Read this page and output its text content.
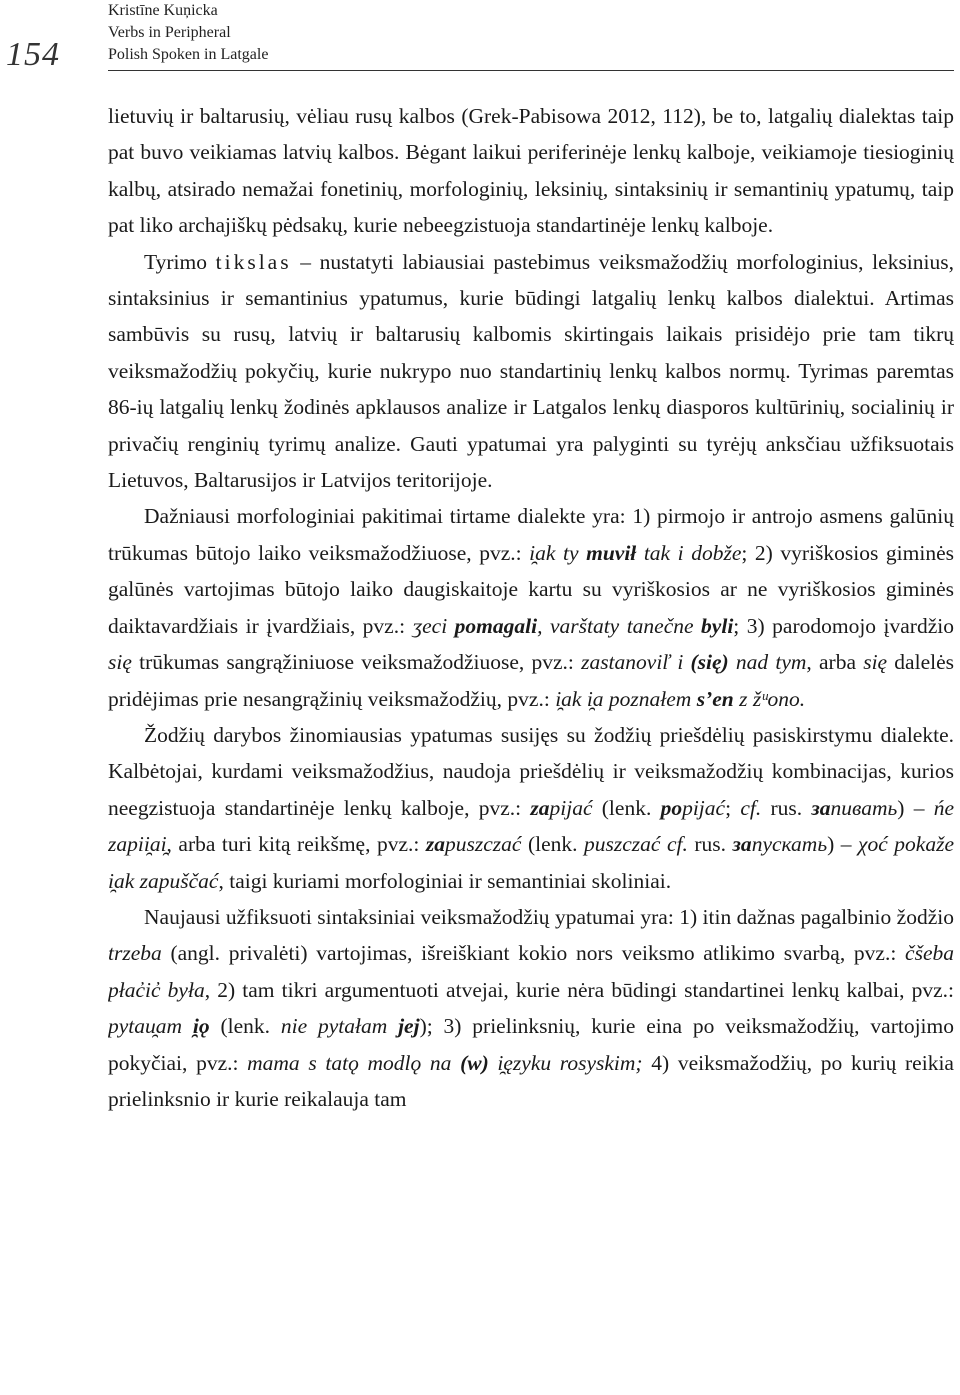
154
Kristīne Kuņicka
Verbs in Peripheral
Polish Spoken in Latgale

lietuvių ir baltarusių, vėliau rusų kalbos (Grek-Pabisowa 2012, 112), be to, latgalių dialektas taip pat buvo veikiamas latvių kalbos. Bėgant laikui periferinėje lenkų kalboje, veikiamoje tiesioginių kalbų, atsirado nemažai fonetinių, morfologinių, leksinių, sintaksinių ir semantinių ypatumų, taip pat liko archajiškų pėdsakų, kurie nebeegzistuoja standartinėje lenkų kalboje.

Tyrimo tikslas – nustatyti labiausiai pastebimus veiksmažodžių morfologinius, leksinius, sintaksinius ir semantinius ypatumus, kurie būdingi latgalių lenkų kalbos dialektui. Artimas sambūvis su rusų, latvių ir baltarusių kalbomis skirtingais laikais prisidėjo prie tam tikrų veiksmažodžių pokyčių, kurie nukrypo nuo standartinių lenkų kalbos normų. Tyrimas paremtas 86-ių latgalių lenkų žodinės apklausos analize ir Latgalos lenkų diasporos kultūrinių, socialinių ir privačių renginių tyrimų analize. Gauti ypatumai yra palyginti su tyrėjų anksčiau užfiksuotais Lietuvos, Baltarusijos ir Latvijos teritorijoje.

Dažniausi morfologiniai pakitimai tirtame dialekte yra: 1) pirmojo ir antrojo asmens galūnių trūkumas būtojo laiko veiksmažodžiuose, pvz.: i̯ak ty muvił tak i dobže; 2) vyriškosios giminės galūnės vartojimas būtojo laiko daugiskaitoje kartu su vyriškosios ar ne vyriškosios giminės daiktavardžiais ir įvardžiais, pvz.: ʒeci pomagali, varštaty tanečne byli; 3) parodomojo įvardžio się trūkumas sangrąžiniuose veiksmažodžiuose, pvz.: zastanoviľ i (się) nad tym, arba się dalelės pridėjimas prie nesangrąžinių veiksmažodžių, pvz.: i̯ak i̯a poznałem s’en z žᵘono.

Žodžių darybos žinomiausias ypatumas susijęs su žodžių priešdėlių pasiskirstymu dialekte. Kalbėtojai, kurdami veiksmažodžius, naudoja priešdėlių ir veiksmažodžių kombinacijas, kurios neegzistuoja standartinėje lenkų kalboje, pvz.: zapijać (lenk. popijać; cf. rus. запивать) – ńe zapii̯ai̯, arba turi kitą reikšmę, pvz.: zapuszczać (lenk. puszczać cf. rus. запускать) – χoć pokaže i̯ak zapuščać, taigi kuriami morfologiniai ir semantiniai skoliniai.

Naujausi užfiksuoti sintaksiniai veiksmažodžių ypatumai yra: 1) itin dažnas pagalbinio žodžio trzeba (angl. privalėti) vartojimas, išreiškiant kokio nors veiksmo atlikimo svarbą, pvz.: čšeba płac̓ic̓ była, 2) tam tikri argumentuoti atvejai, kurie nėra būdingi standartinei lenkų kalbai, pvz.: pytau̯am i̯ǫ (lenk. nie pytałam jej); 3) prielinksnių, kurie eina po veiksmažodžių, vartojimo pokyčiai, pvz.: mama s tatǫ modlǫ na (w) i̯ęzyku rosyskim; 4) veiksmažodžių, po kurių reikia prielinksnio ir kurie reikalauja tam
